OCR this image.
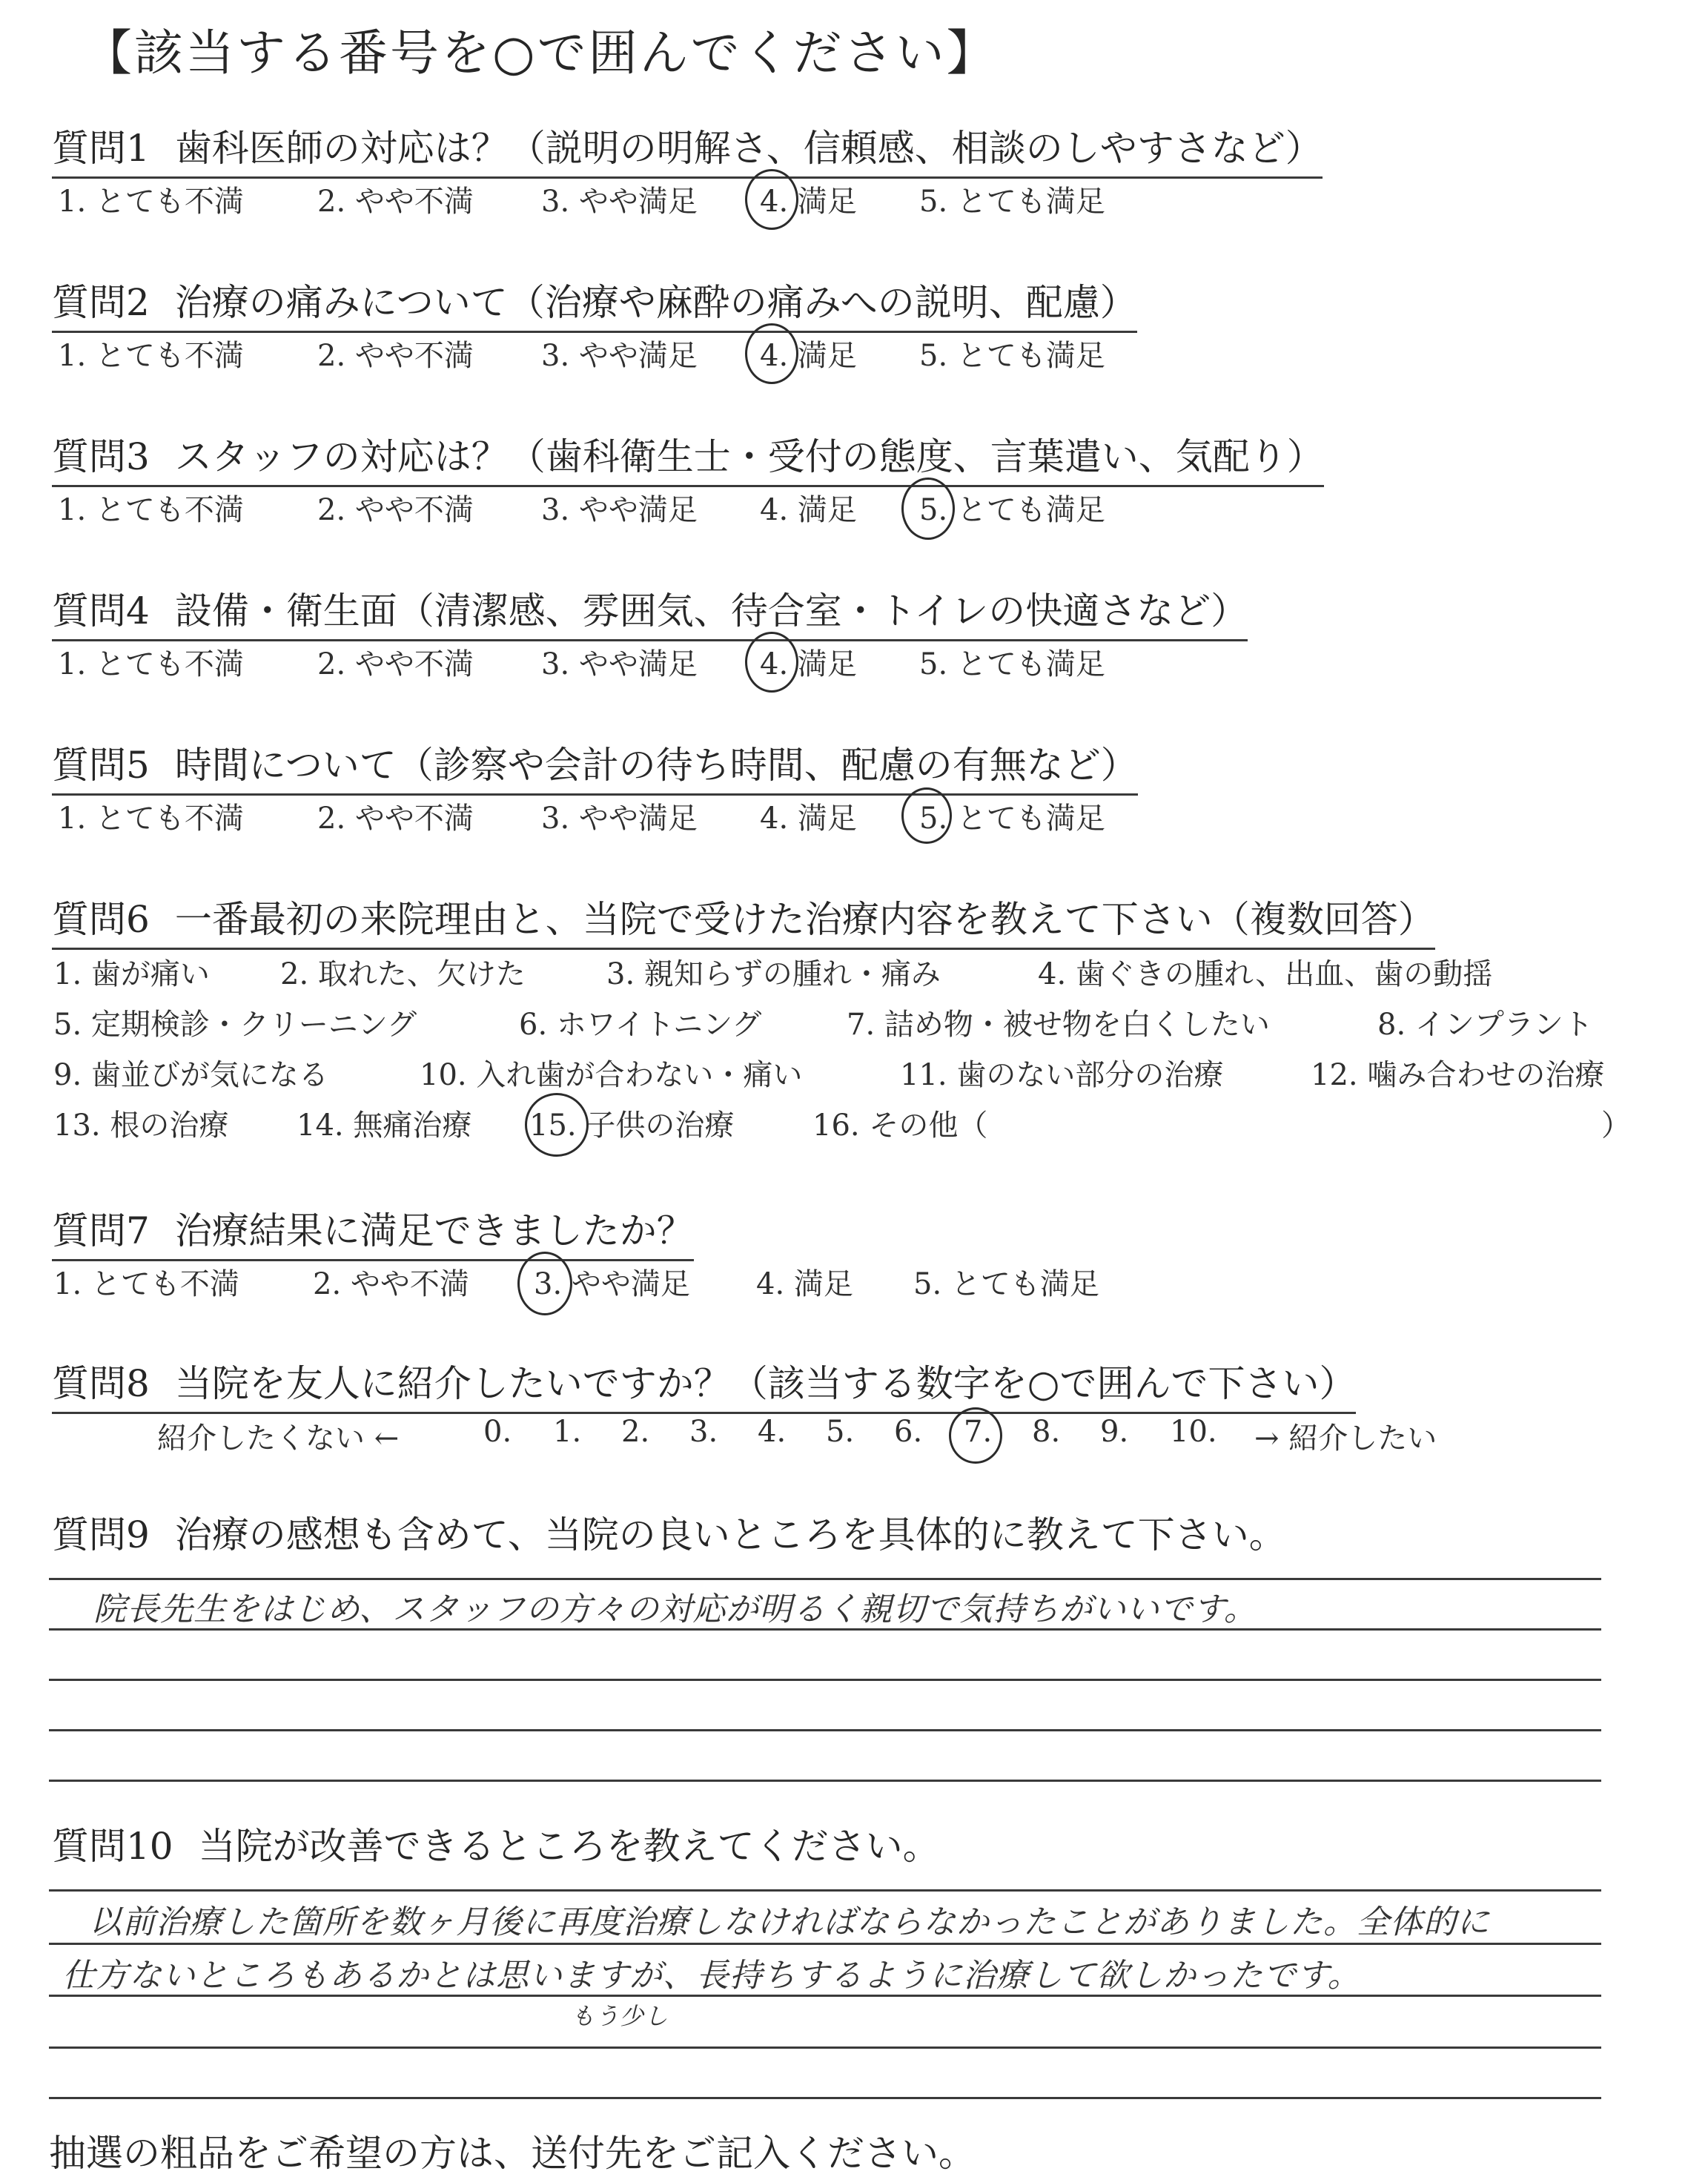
【該当する番号を○で囲んでください】
質問1 歯科医師の対応は？（説明の明解さ、信頼感、相談のしやすさなど）
1. とても不満 2. やや不満 3. やや満足 4. 満足 5. とても満足
質問2 治療の痛みについて（治療や麻酔の痛みへの説明、配慮）
1. とても不満 2. やや不満 3. やや満足 4. 満足 5. とても満足
質問3 スタッフの対応は？（歯科衛生士・受付の態度、言葉遣い、気配り）
1. とても不満 2. やや不満 3. やや満足 4. 満足 5. とても満足
質問4 設備・衛生面（清潔感、雰囲気、待合室・トイレの快適さなど）
1. とても不満 2. やや不満 3. やや満足 4. 満足 5. とても満足
質問5 時間について（診察や会計の待ち時間、配慮の有無など）
1. とても不満 2. やや不満 3. やや満足 4. 満足 5. とても満足
質問6 一番最初の来院理由と、当院で受けた治療内容を教えて下さい（複数回答）
1. 歯が痛い 2. 取れた、欠けた	3. 親知らずの腫れ・痛み	4. 歯ぐきの腫れ、出血、歯の動揺
5. 定期検診・クリーニング	6. ホワイトニング	7. 詰め物・被せ物を白くしたい	8. インプラント
9. 歯並びが気になる	10. 入れ歯が合わない・痛い	11. 歯のない部分の治療	12. 噛み合わせの治療
13. 根の治療 14. 無痛治療 15. 子供の治療	16. その他（	）
質問7 治療結果に満足できましたか？
1. とても不満 2. やや不満 3. やや満足 4. 満足 5. とても満足
質問8 当院を友人に紹介したいですか？（該当する数字を○で囲んで下さい）
紹介したくない ←	0. 1. 2. 3. 4. 5. 6. 7. 8. 9. 10. → 紹介したい
質問9 治療の感想も含めて、当院の良いところを具体的に教えて下さい。
院長先生をはじめ、スタッフの方々の対応が明るく親切で気持ちがいいです。
質問10 当院が改善できるところを教えてください。
以前治療した箇所を数ヶ月後に再度治療しなければならなかったことがありました。全体的に
仕方ないところもあるかとは思いますが、長持ちするように治療して欲しかったです。
もう少し
抽選の粗品をご希望の方は、送付先をご記入ください。
